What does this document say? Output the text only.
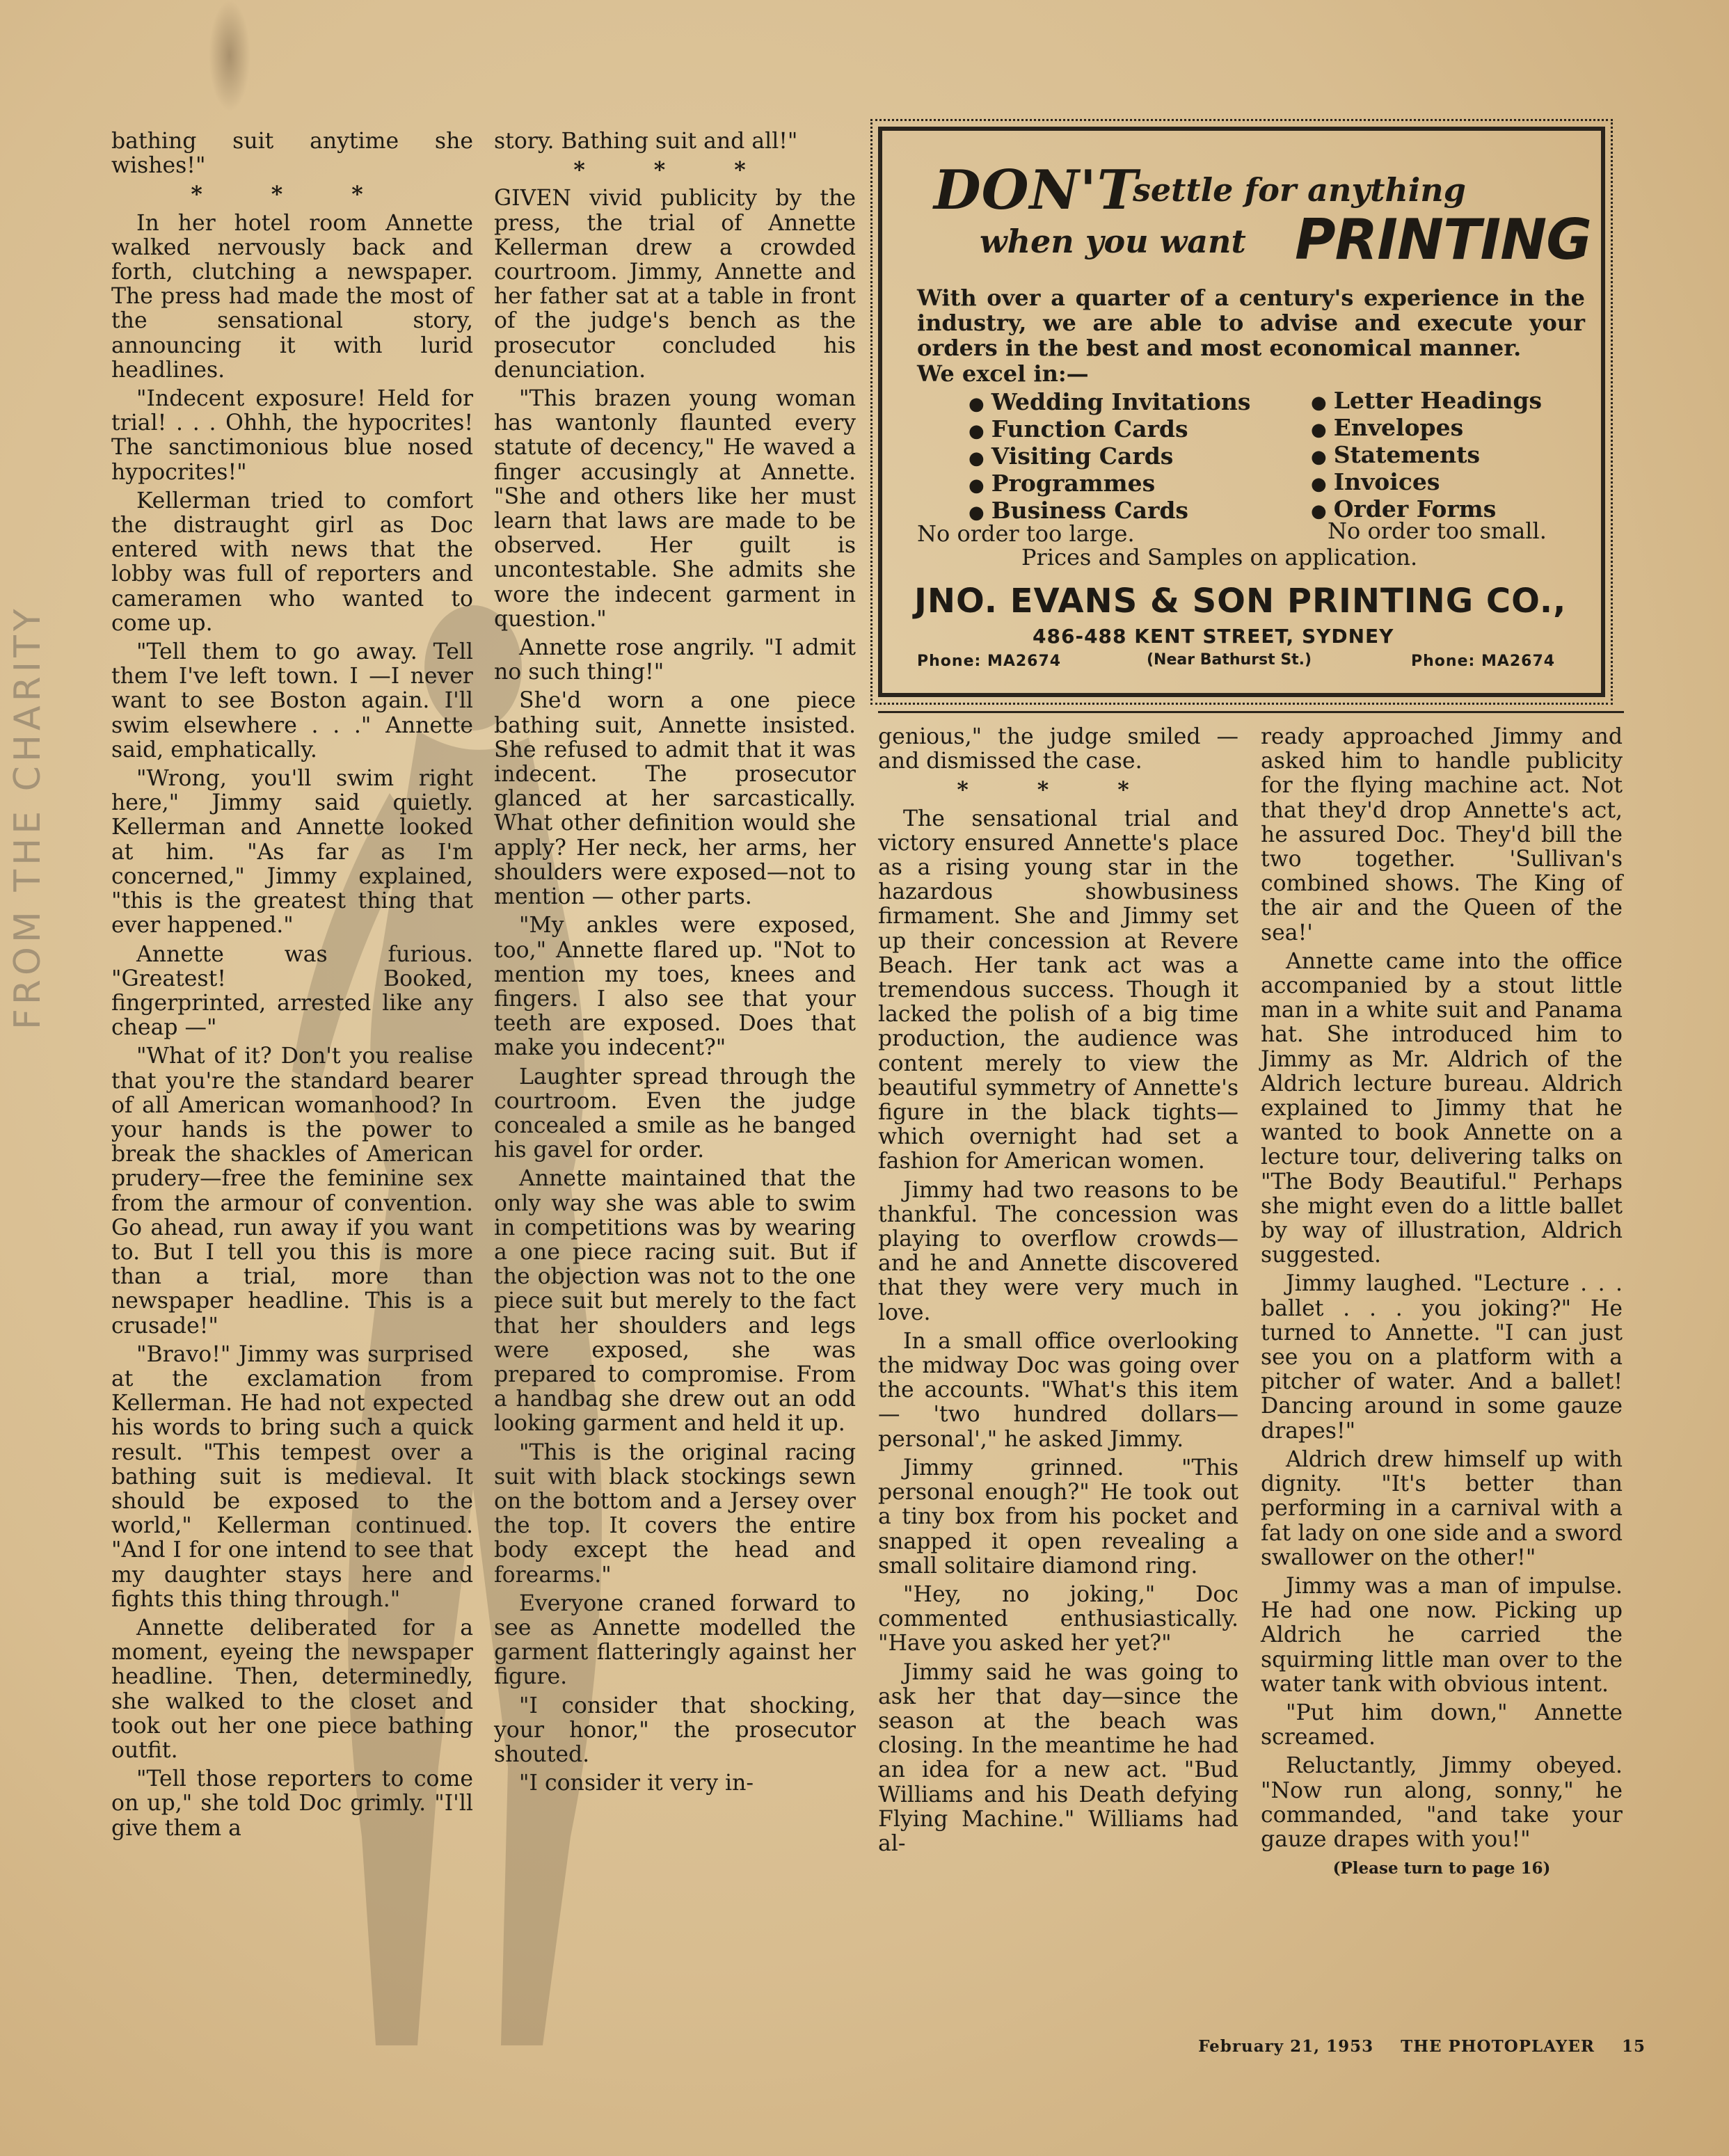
FROM THE CHARITY

bathing suit anytime she wishes!"

* * *

In her hotel room Annette walked nervously back and forth, clutching a newspaper. The press had made the most of the sensational story, announcing it with lurid headlines.

"Indecent exposure! Held for trial! . . . Ohhh, the hypocrites! The sanctimonious blue nosed hypocrites!"

Kellerman tried to comfort the distraught girl as Doc entered with news that the lobby was full of reporters and cameramen who wanted to come up.

"Tell them to go away. Tell them I've left town. I —I never want to see Boston again. I'll swim elsewhere . . ." Annette said, emphatically.

"Wrong, you'll swim right here," Jimmy said quietly. Kellerman and Annette looked at him. "As far as I'm concerned," Jimmy explained, "this is the greatest thing that ever happened."

Annette was furious. "Greatest! Booked, fingerprinted, arrested like any cheap —"

"What of it? Don't you realise that you're the standard bearer of all American womanhood? In your hands is the power to break the shackles of American prudery—free the feminine sex from the armour of convention. Go ahead, run away if you want to. But I tell you this is more than a trial, more than newspaper headline. This is a crusade!"

"Bravo!" Jimmy was surprised at the exclamation from Kellerman. He had not expected his words to bring such a quick result. "This tempest over a bathing suit is medieval. It should be exposed to the world," Kellerman continued. "And I for one intend to see that my daughter stays here and fights this thing through."

Annette deliberated for a moment, eyeing the newspaper headline. Then, determinedly, she walked to the closet and took out her one piece bathing outfit.

"Tell those reporters to come on up," she told Doc grimly. "I'll give them a

story. Bathing suit and all!"

* * *

GIVEN vivid publicity by the press, the trial of Annette Kellerman drew a crowded courtroom. Jimmy, Annette and her father sat at a table in front of the judge's bench as the prosecutor concluded his denunciation.

"This brazen young woman has wantonly flaunted every statute of decency," He waved a finger accusingly at Annette. "She and others like her must learn that laws are made to be observed. Her guilt is uncontestable. She admits she wore the indecent garment in question."

Annette rose angrily. "I admit no such thing!"

She'd worn a one piece bathing suit, Annette insisted. She refused to admit that it was indecent. The prosecutor glanced at her sarcastically. What other definition would she apply? Her neck, her arms, her shoulders were exposed—not to mention — other parts.

"My ankles were exposed, too," Annette flared up. "Not to mention my toes, knees and fingers. I also see that your teeth are exposed. Does that make you indecent?"

Laughter spread through the courtroom. Even the judge concealed a smile as he banged his gavel for order.

Annette maintained that the only way she was able to swim in competitions was by wearing a one piece racing suit. But if the objection was not to the one piece suit but merely to the fact that her shoulders and legs were exposed, she was prepared to compromise. From a handbag she drew out an odd looking garment and held it up.

"This is the original racing suit with black stockings sewn on the bottom and a Jersey over the top. It covers the entire body except the head and forearms."

Everyone craned forward to see as Annette modelled the garment flatteringly against her figure.

"I consider that shocking, your honor," the prosecutor shouted.

"I consider it very in-

DON'T
settle for anything
when you want PRINTING
With over a quarter of a century's experience in the industry, we are able to advise and execute your orders in the best and most economical manner.
We excel in:—
● Wedding Invitations
● Function Cards
● Visiting Cards
● Programmes
● Business Cards
● Letter Headings
● Envelopes
● Statements
● Invoices
● Order Forms
No order too large.	No order too small.
Prices and Samples on application.
JNO. EVANS & SON PRINTING CO.,
486-488 KENT STREET, SYDNEY
Phone: MA2674	(Near Bathurst St.)	Phone: MA2674

genious," the judge smiled —and dismissed the case.

* * *

The sensational trial and victory ensured Annette's place as a rising young star in the hazardous showbusiness firmament. She and Jimmy set up their concession at Revere Beach. Her tank act was a tremendous success. Though it lacked the polish of a big time production, the audience was content merely to view the beautiful symmetry of Annette's figure in the black tights—which overnight had set a fashion for American women.

Jimmy had two reasons to be thankful. The concession was playing to overflow crowds—and he and Annette discovered that they were very much in love.

In a small office overlooking the midway Doc was going over the accounts. "What's this item— 'two hundred dollars—personal'," he asked Jimmy.

Jimmy grinned. "This personal enough?" He took out a tiny box from his pocket and snapped it open revealing a small solitaire diamond ring.

"Hey, no joking," Doc commented enthusiastically. "Have you asked her yet?"

Jimmy said he was going to ask her that day—since the season at the beach was closing. In the meantime he had an idea for a new act. "Bud Williams and his Death defying Flying Machine." Williams had al-

ready approached Jimmy and asked him to handle publicity for the flying machine act. Not that they'd drop Annette's act, he assured Doc. They'd bill the two together. 'Sullivan's combined shows. The King of the air and the Queen of the sea!'

Annette came into the office accompanied by a stout little man in a white suit and Panama hat. She introduced him to Jimmy as Mr. Aldrich of the Aldrich lecture bureau. Aldrich explained to Jimmy that he wanted to book Annette on a lecture tour, delivering talks on "The Body Beautiful." Perhaps she might even do a little ballet by way of illustration, Aldrich suggested.

Jimmy laughed. "Lecture . . . ballet . . . you joking?" He turned to Annette. "I can just see you on a platform with a pitcher of water. And a ballet! Dancing around in some gauze drapes!"

Aldrich drew himself up with dignity. "It's better than performing in a carnival with a fat lady on one side and a sword swallower on the other!"

Jimmy was a man of impulse. He had one now. Picking up Aldrich he carried the squirming little man over to the water tank with obvious intent.

"Put him down," Annette screamed.

Reluctantly, Jimmy obeyed. "Now run along, sonny," he commanded, "and take your gauze drapes with you!"

(Please turn to page 16)

February 21, 1953 THE PHOTOPLAYER 15
